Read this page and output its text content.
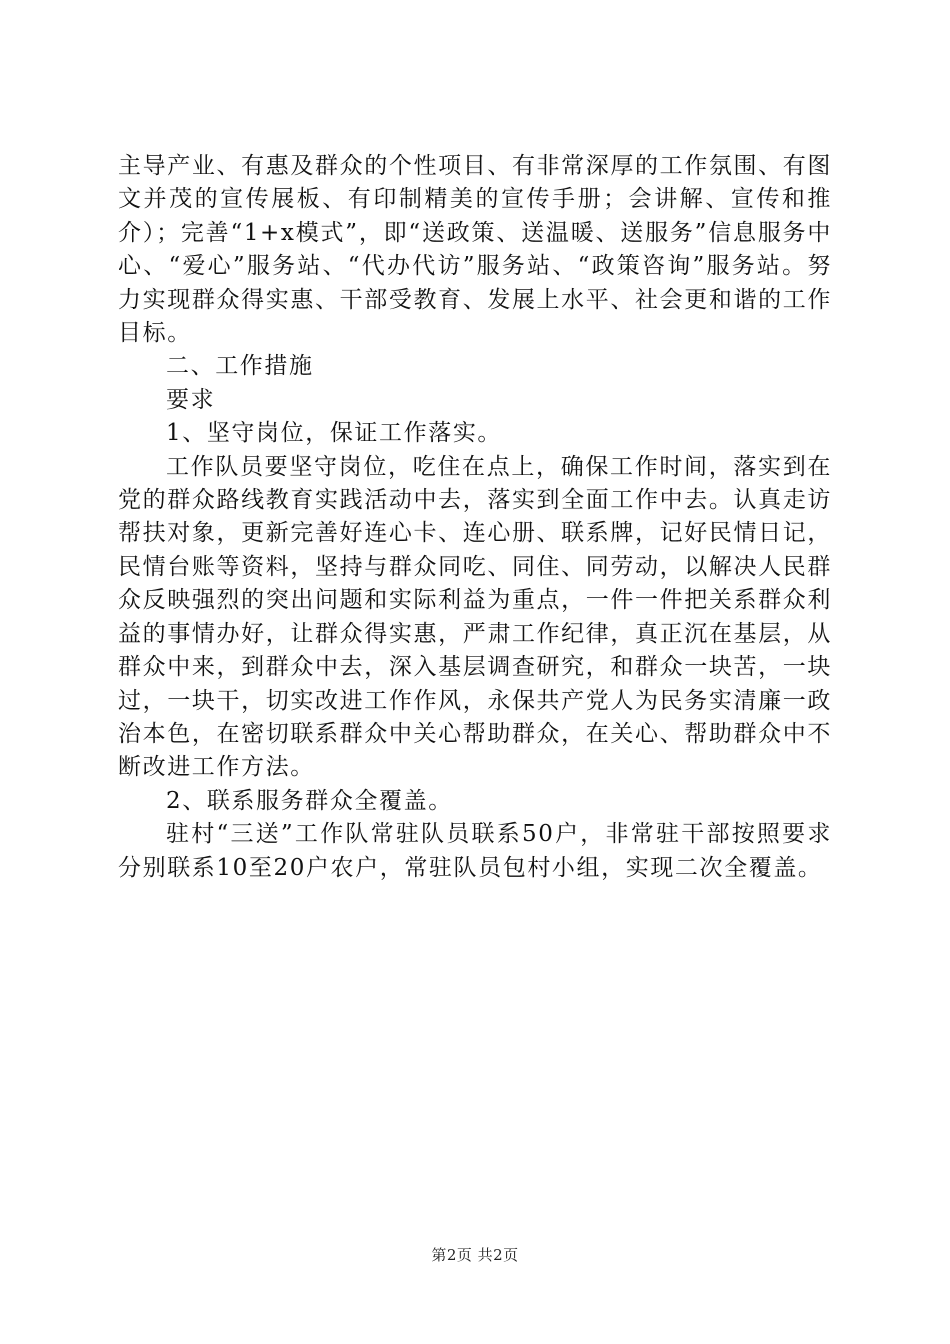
主导产业、有惠及群众的个性项目、有非常深厚的工作氛围、有图文并茂的宣传展板、有印制精美的宣传手册；会讲解、宣传和推介）；完善“1+x模式”，即“送政策、送温暖、送服务”信息服务中心、“爱心”服务站、“代办代访”服务站、“政策咨询”服务站。努力实现群众得实惠、干部受教育、发展上水平、社会更和谐的工作目标。

二、工作措施

要求

1、坚守岗位，保证工作落实。

工作队员要坚守岗位，吃住在点上，确保工作时间，落实到在党的群众路线教育实践活动中去，落实到全面工作中去。认真走访帮扶对象，更新完善好连心卡、连心册、联系牌，记好民情日记，民情台账等资料，坚持与群众同吃、同住、同劳动，以解决人民群众反映强烈的突出问题和实际利益为重点，一件一件把关系群众利益的事情办好，让群众得实惠，严肃工作纪律，真正沉在基层，从群众中来，到群众中去，深入基层调查研究，和群众一块苦，一块过，一块干，切实改进工作作风，永保共产党人为民务实清廉一政治本色，在密切联系群众中关心帮助群众，在关心、帮助群众中不断改进工作方法。

2、联系服务群众全覆盖。

驻村“三送”工作队常驻队员联系50户，非常驻干部按照要求分别联系10至20户农户，常驻队员包村小组，实现二次全覆盖。

第2页 共2页
